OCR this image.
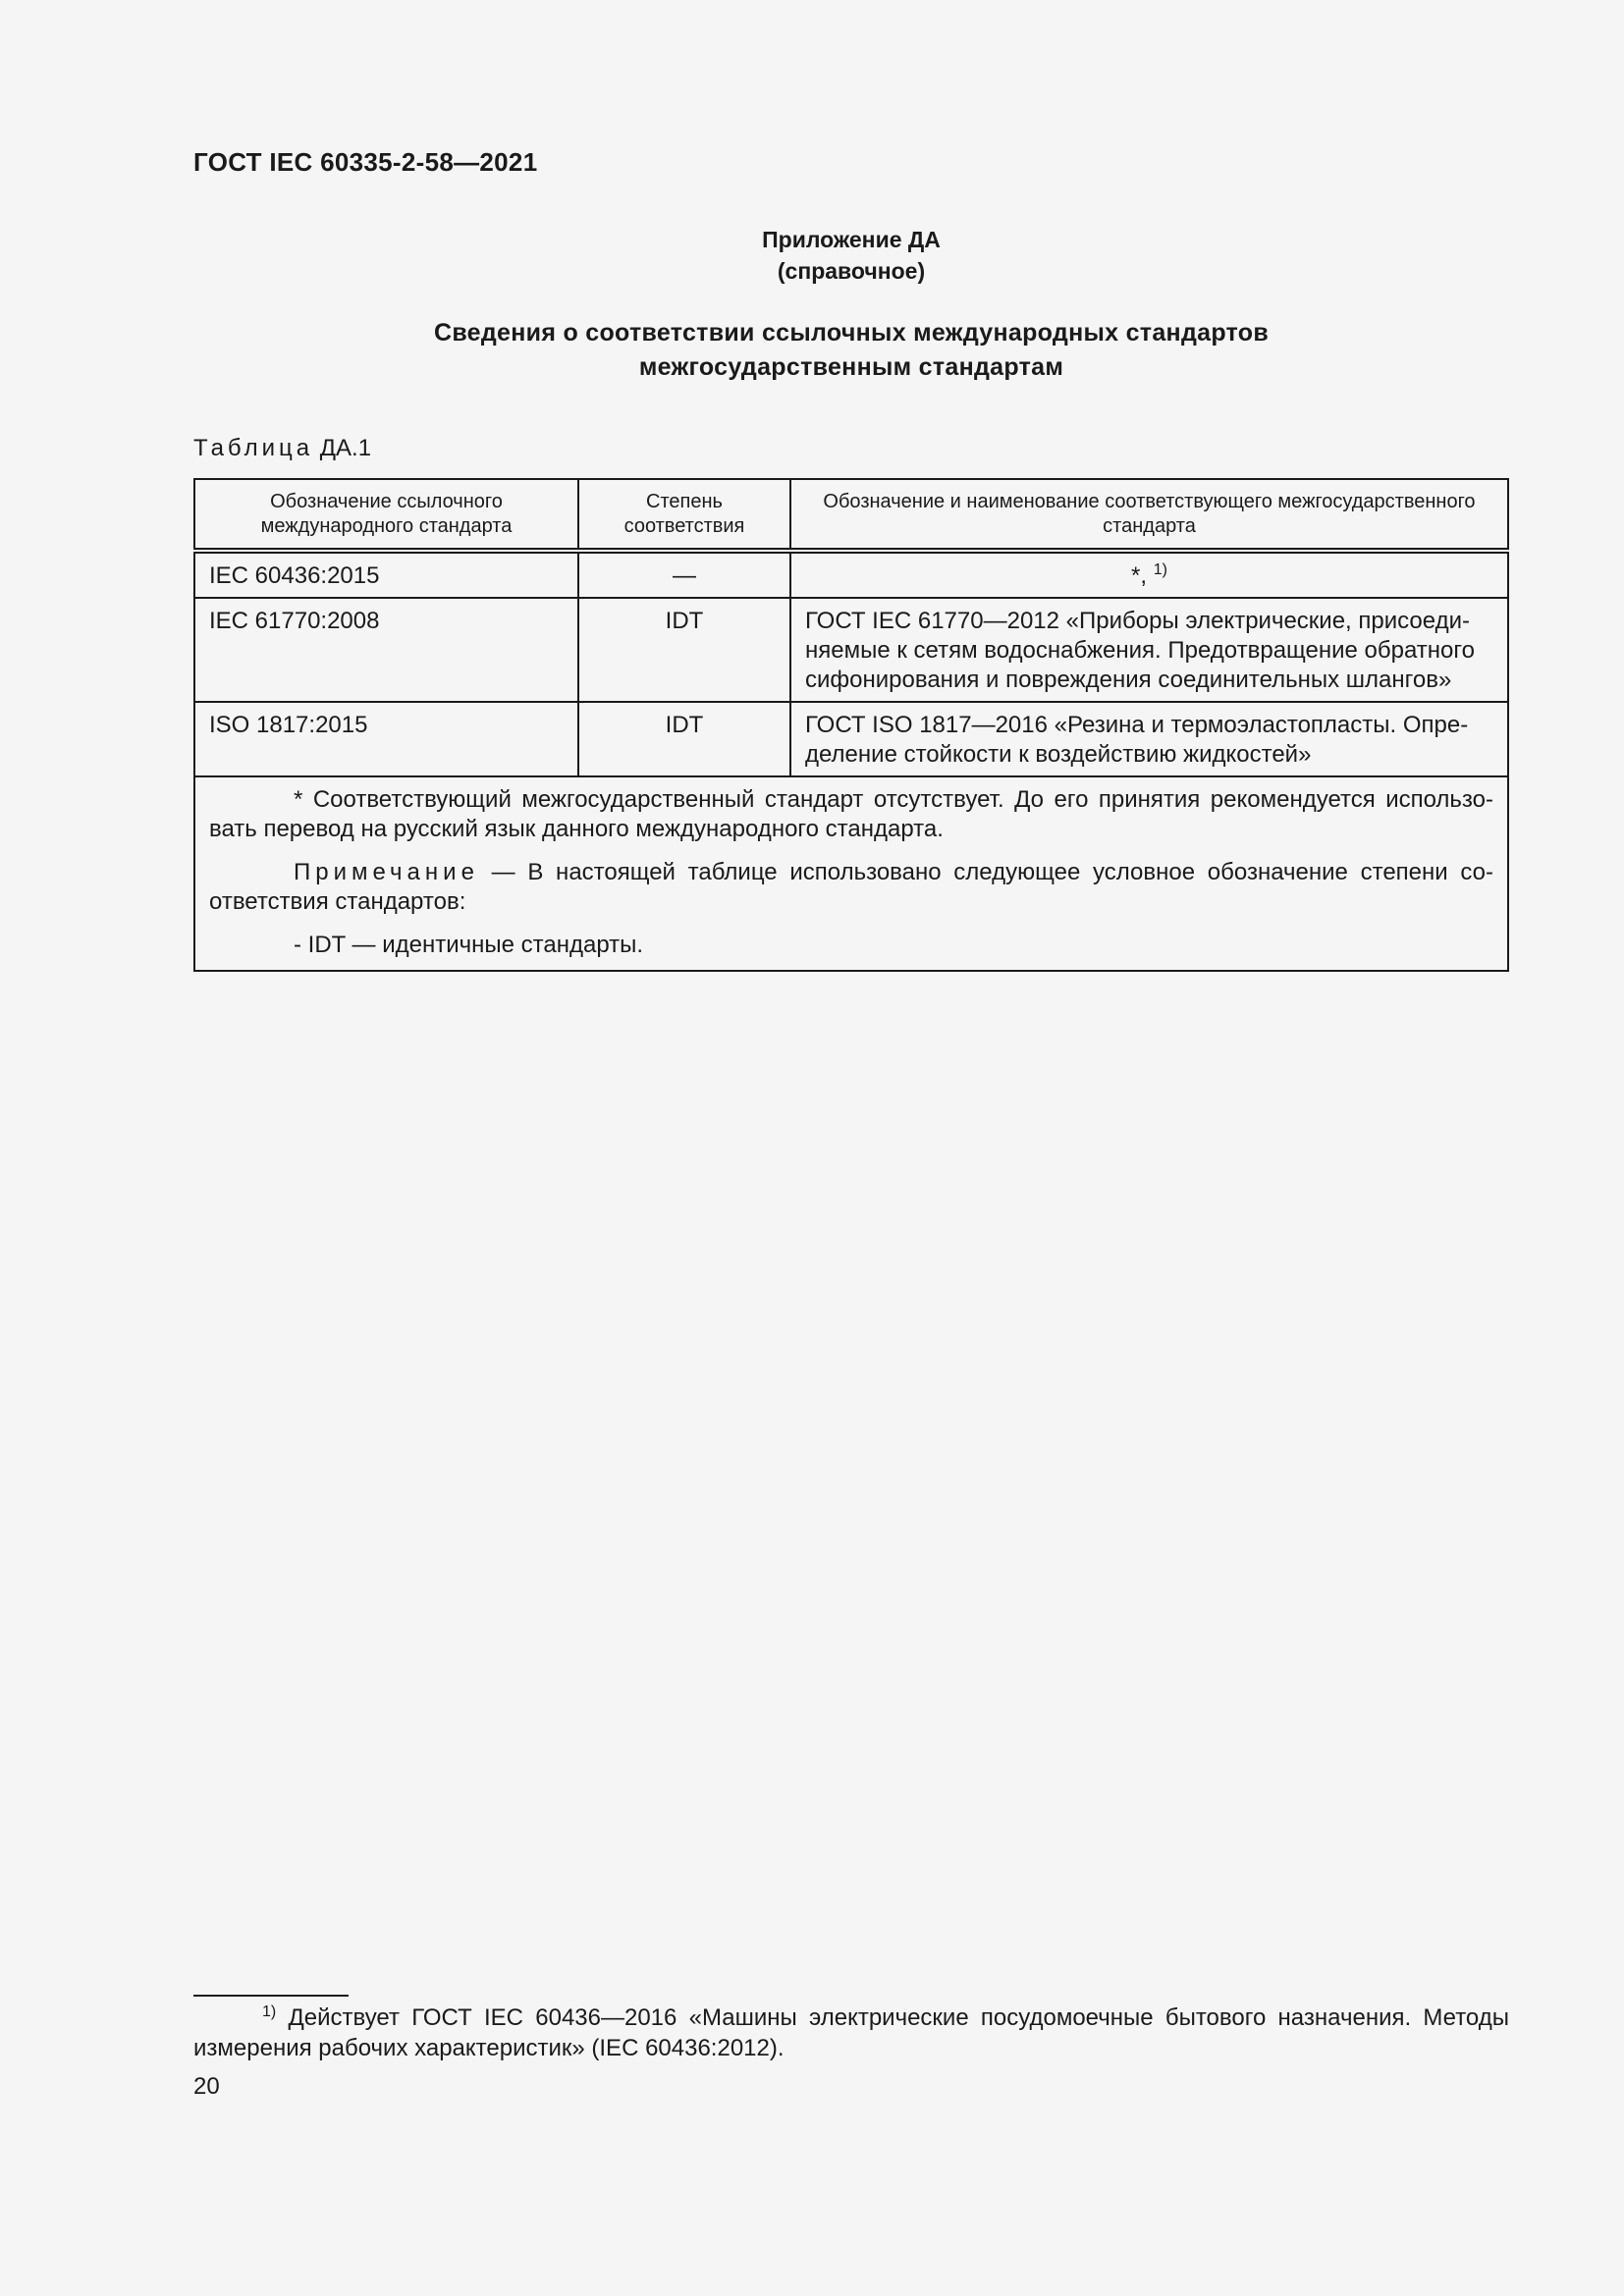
ГОСТ IEC 60335-2-58—2021
Приложение ДА
(справочное)
Сведения о соответствии ссылочных международных стандартов
межгосударственным стандартам
Таблица ДА.1
Обозначение ссылочного международного стандарта	Степень соответствия	Обозначение и наименование соответствующего межгосударственного стандарта
IEC 60436:2015	—	*, $^{1)}$
IEC 61770:2008	IDT	ГОСТ IEC 61770—2012 «Приборы электрические, присоеди-няемые к сетям водоснабжения. Предотвращение обратного сифонирования и повреждения соединительных шлангов»
ISO 1817:2015	IDT	ГОСТ ISO 1817—2016 «Резина и термоэластопласты. Опре-деление стойкости к воздействию жидкостей»

* Соответствующий межгосударственный стандарт отсутствует. До его принятия рекомендуется использо-вать перевод на русский язык данного международного стандарта.

Примечание — В настоящей таблице использовано следующее условное обозначение степени со-ответствия стандартов:

- IDT — идентичные стандарты.		

$^{1)}$ Действует ГОСТ IEC 60436—2016 «Машины электрические посудомоечные бытового назначения. Методы измерения рабочих характеристик» (IEC 60436:2012).
20
